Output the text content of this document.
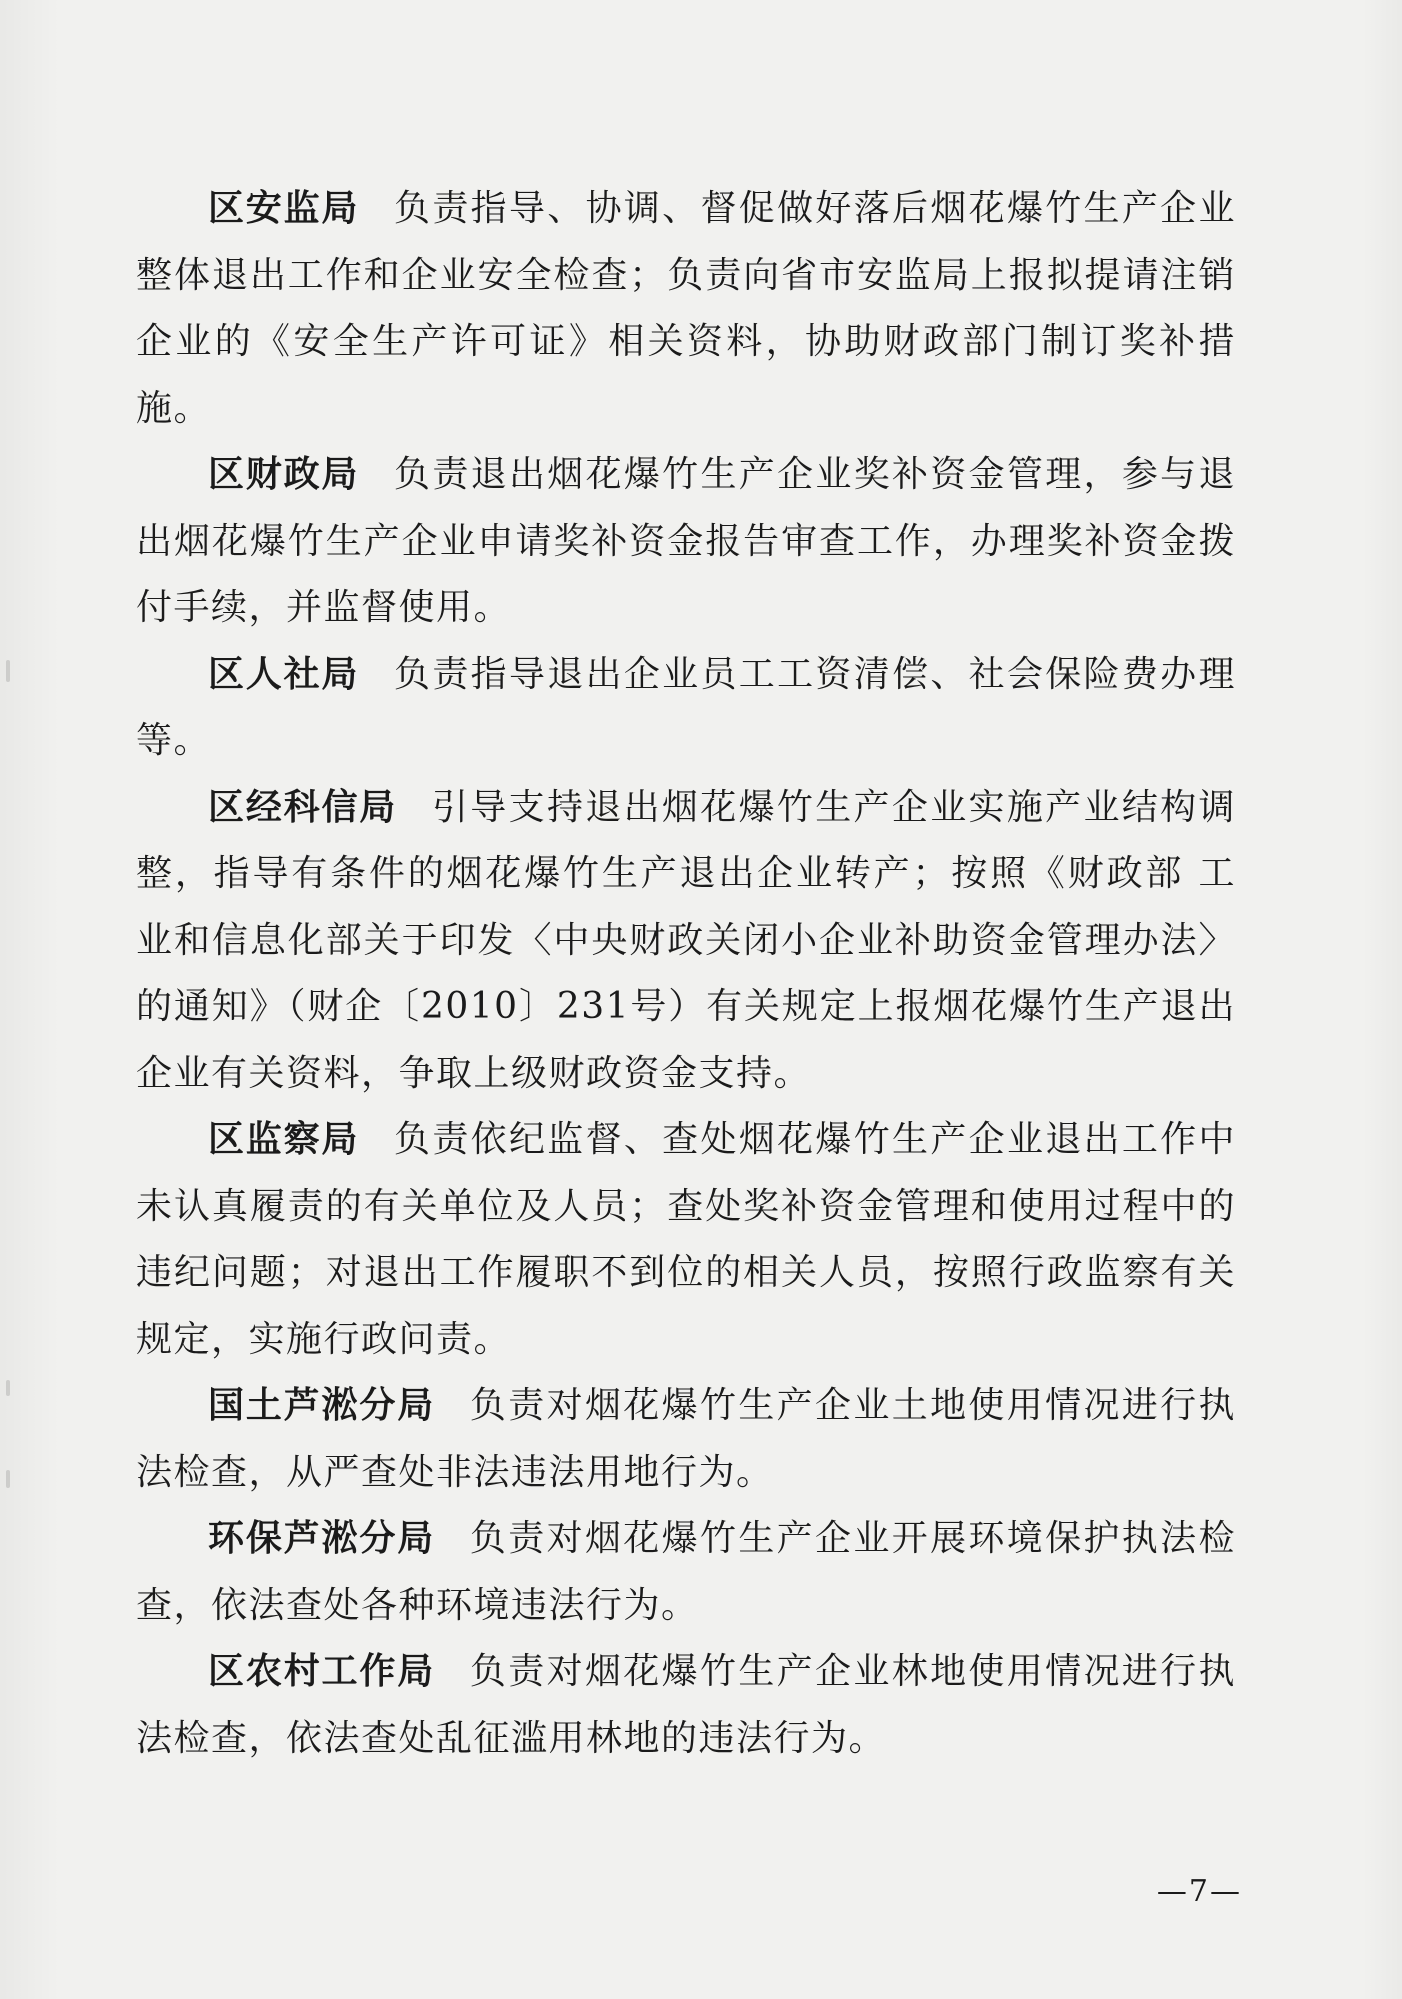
区安监局 负责指导、协调、督促做好落后烟花爆竹生产企业整体退出工作和企业安全检查；负责向省市安监局上报拟提请注销企业的《安全生产许可证》相关资料，协助财政部门制订奖补措施。

区财政局 负责退出烟花爆竹生产企业奖补资金管理，参与退出烟花爆竹生产企业申请奖补资金报告审查工作，办理奖补资金拨付手续，并监督使用。

区人社局 负责指导退出企业员工工资清偿、社会保险费办理等。

区经科信局 引导支持退出烟花爆竹生产企业实施产业结构调整，指导有条件的烟花爆竹生产退出企业转产；按照《财政部 工业和信息化部关于印发〈中央财政关闭小企业补助资金管理办法〉的通知》（财企〔2010〕231号）有关规定上报烟花爆竹生产退出企业有关资料，争取上级财政资金支持。

区监察局 负责依纪监督、查处烟花爆竹生产企业退出工作中未认真履责的有关单位及人员；查处奖补资金管理和使用过程中的违纪问题；对退出工作履职不到位的相关人员，按照行政监察有关规定，实施行政问责。

国土芦淞分局 负责对烟花爆竹生产企业土地使用情况进行执法检查，从严查处非法违法用地行为。

环保芦淞分局 负责对烟花爆竹生产企业开展环境保护执法检查，依法查处各种环境违法行为。

区农村工作局 负责对烟花爆竹生产企业林地使用情况进行执法检查，依法查处乱征滥用林地的违法行为。

—7—
